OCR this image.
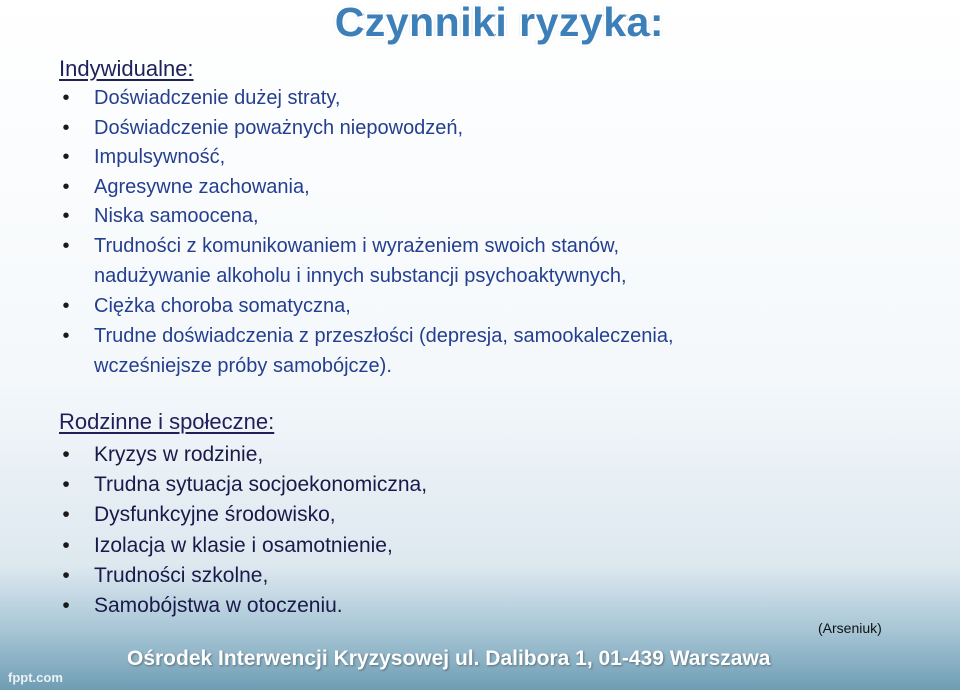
Czynniki ryzyka:
Indywidualne:
• Doświadczenie dużej straty,
• Doświadczenie poważnych niepowodzeń,
• Impulsywność,
• Agresywne zachowania,
• Niska samoocena,
• Trudności z komunikowaniem i wyrażeniem swoich stanów,
nadużywanie alkoholu i innych substancji psychoaktywnych,
• Ciężka choroba somatyczna,
• Trudne doświadczenia z przeszłości (depresja, samookaleczenia,
wcześniejsze próby samobójcze).
Rodzinne i społeczne:
• Kryzys w rodzinie,
• Trudna sytuacja socjoekonomiczna,
• Dysfunkcyjne środowisko,
• Izolacja w klasie i osamotnienie,
• Trudności szkolne,
• Samobójstwa w otoczeniu.
(Arseniuk)
Ośrodek Interwencji Kryzysowej ul. Dalibora 1, 01-439 Warszawa
fppt.com
